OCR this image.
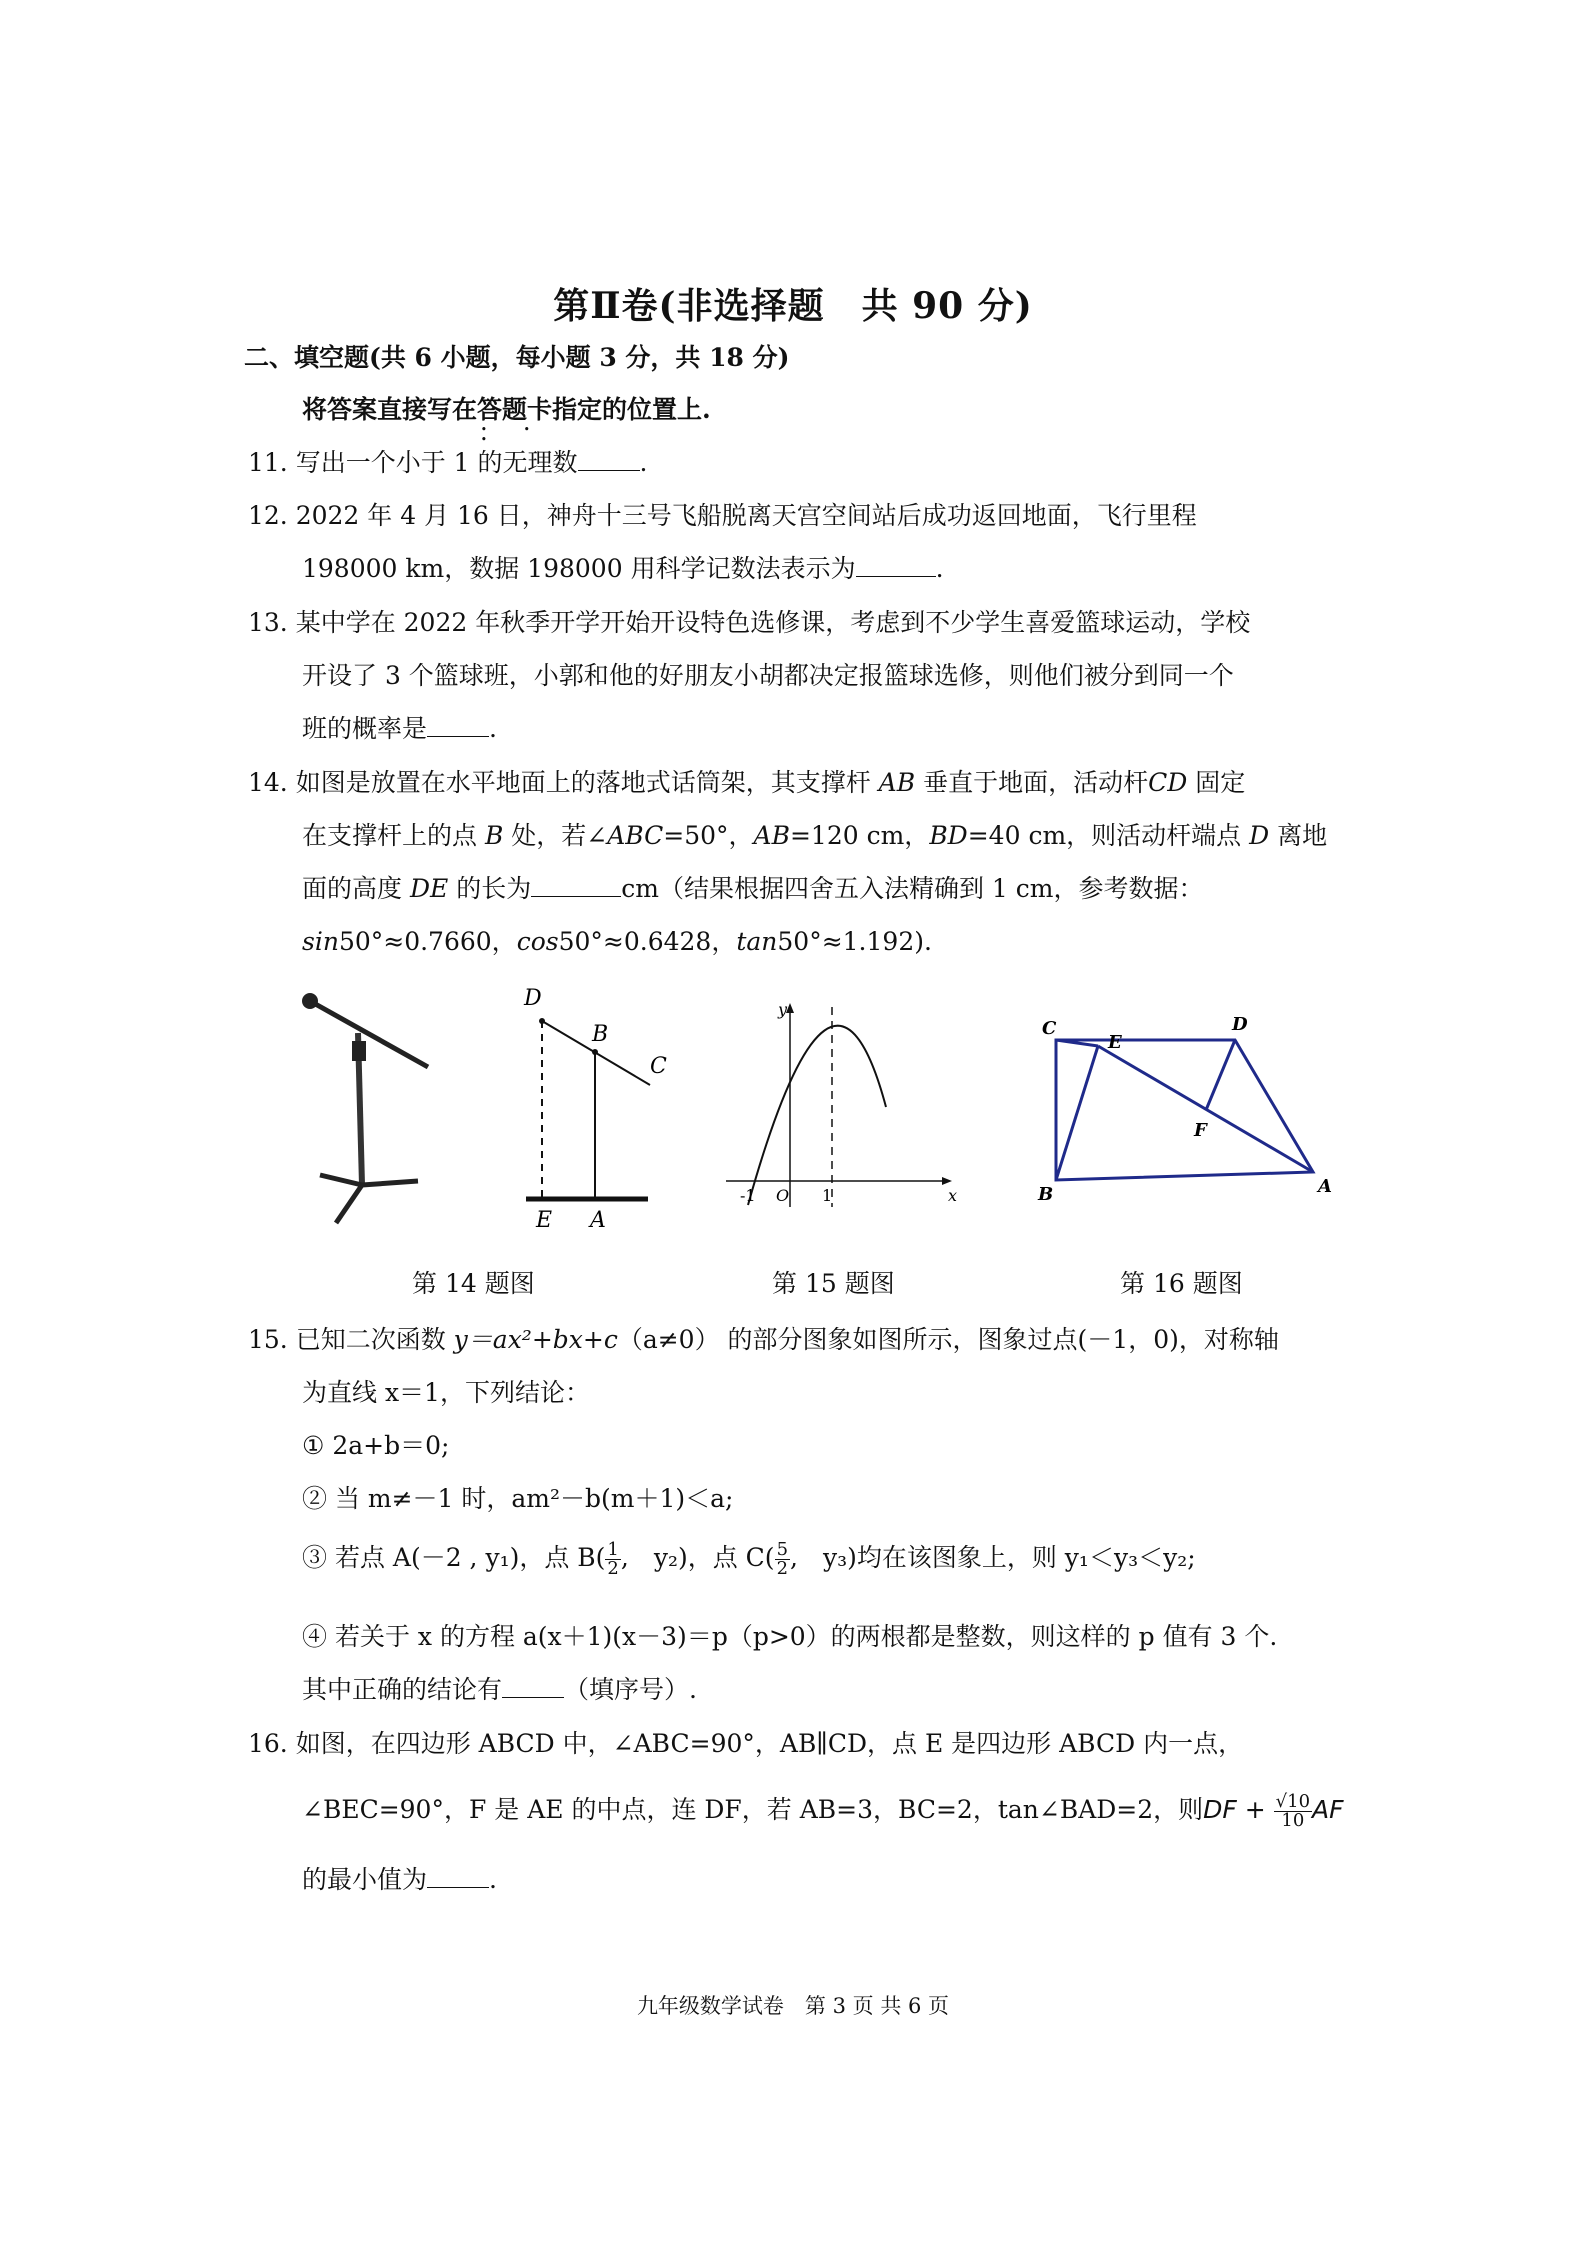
第Ⅱ卷(非选择题　共 90 分)
二、填空题(共 6 小题，每小题 3 分，共 18 分)
将答案直接写在答题卡 • • •指定的位置上.
11. 写出一个小于 1 的无理数 .
12. 2022 年 4 月 16 日，神舟十三号飞船脱离天宫空间站后成功返回地面，飞行里程
198000 km，数据 198000 用科学记数法表示为	.
13. 某中学在 2022 年秋季开学开始开设特色选修课，考虑到不少学生喜爱篮球运动，学校
开设了 3 个篮球班，小郭和他的好朋友小胡都决定报篮球选修，则他们被分到同一个
班的概率是 .
14. 如图是放置在水平地面上的落地式话筒架，其支撑杆 AB 垂直于地面，活动杆CD 固定
在支撑杆上的点 B 处，若∠ABC=50°，AB=120 cm，BD=40 cm，则活动杆端点 D 离地
面的高度 DE 的长为	cm（结果根据四舍五入法精确到 1 cm，参考数据：
sin50°≈0.7660，cos50°≈0.6428，tan50°≈1.192).
D
B
C
E A
y
x
O
-1	1
C	D
E
F
B	A
第 14 题图	第 15 题图	第 16 题图
15. 已知二次函数 y＝ax²+bx+c（a≠0） 的部分图象如图所示，图象过点(－1，0)，对称轴
为直线 x＝1，下列结论：
① 2a+b＝0;
② 当 m≠－1 时，am²－b(m＋1)＜a;
③ 若点 A(－2 , y₁)，点 $B( \frac{1}{2}$ ,　y₂)，点 $C( \frac{5}{2}$ ,　y₃)均在该图象上，则 y₁＜y₃＜y₂;
④ 若关于 x 的方程 a(x＋1)(x－3)＝p（p>0）的两根都是整数，则这样的 p 值有 3 个.
其中正确的结论有 （填序号）.
16. 如图，在四边形 ABCD 中，∠ABC=90°，AB∥CD，点 E 是四边形 ABCD 内一点，
∠BEC=90°，F 是 AE 的中点，连 DF，若 AB=3，BC=2，tan∠BAD=2，则DF + $\frac{√10}{10}$ AF
的最小值为 .
九年级数学试卷　第 3 页 共 6 页
